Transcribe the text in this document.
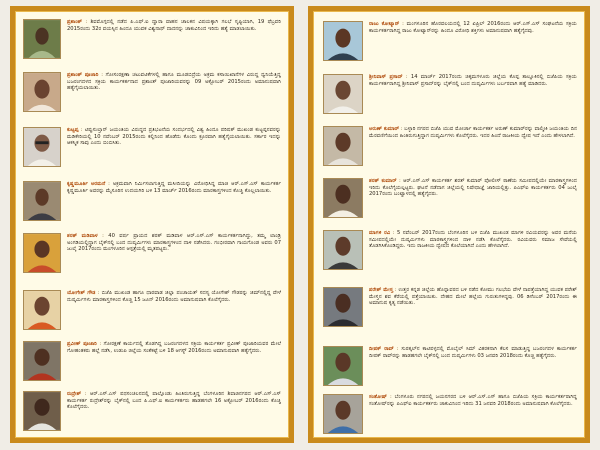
ಪ್ರಶಾಂತ್ : ಶಿವಮೊಗ್ಗದಲ್ಲಿ ನಡೆದ ಪಿ.ಎಫ್.ಐ ದ್ವಾರಾ ವಾಹನ ಚಾಲಕನ ವಿಷಯಕ್ಕಾಗಿ ಗಲಭೆ ಸೃಷ್ಟಿಯಾಗಿ, 19 ಫೆಬ್ರವರಿ 2015ರಂದು 32ರ ವಯಸ್ಸಿನ ಹಿಂದೂ ಯುವಕ ವಿಶ್ವನಾಥ್ ದಾದನನ್ನು ಚಾಕುವಿನಿಂದ ಇರಿದು ಹತ್ಯೆ ಮಾಡಲಾಯಿತು.

ಪ್ರಶಾಂತ್ ಪೂಜಾರಿ : ಗೋಸಂರಕ್ಷಣಾ ಚಟುವಟಿಕೆಗಳಲ್ಲಿ ಹಾಗೂ ಮೂಡಬಿದ್ರೆಯ ಅಕ್ರಮ ಕಸಾಯಿಖಾನೆಗಳ ವಿರುದ್ಧ ಧ್ವನಿಯೆತ್ತಿದ್ದ ಬಜರಂಗದಳದ ಸಕ್ರಿಯ ಕಾರ್ಯಕರ್ತನಾದ ಪ್ರಶಾಂತ್ ಪೂಜಾರಿಯವರನ್ನು 09 ಅಕ್ಟೋಬರ್ 2015ರಂದು ಅಮಾನುಷವಾಗಿ ಹತ್ಯೆಗೈಯಲಾಯಿತು.

ಕುಟ್ಟಪ್ಪ : ಟಿಪ್ಪುಸುಲ್ತಾನ್ ಜಯಂತಿಯ ವಿರುದ್ಧದ ಪ್ರತಿಭಟನೆಯ ಸಂದರ್ಭದಲ್ಲಿ ವಿಶ್ವ ಹಿಂದೂ ಪರಿಷತ್ ಮುಖಂಡ ಕುಟ್ಟಪ್ಪನವರನ್ನು ಮಡಿಕೇರಿಯಲ್ಲಿ 10 ನವೆಂಬರ್ 2015ರಂದು ಕಲ್ಲಿನಿಂದ ಹೊಡೆದು ಕೊಂದು ಕ್ರೂರವಾಗಿ ಹತ್ಯೆಗೈಯಲಾಯಿತು. ಸರ್ಕಾರ ಇದನ್ನು ಆಕಸ್ಮಿಕ ಸಾವು ಎಂದು ಬಿಂಬಿಸಿತು.

ಕೃಷ್ಣಮೂರ್ತಿ ಅರಮನೆ : ಅಕ್ರಮವಾಗಿ ನಿರ್ಮಿಸಲಾಗುತ್ತಿದ್ದ ಮಸೀದಿಯನ್ನು ವಿರೋಧಿಸಿದ್ದ ಮಾಜಿ ಆರ್.ಎಸ್.ಎಸ್ ಕಾರ್ಯಕರ್ತ ಕೃಷ್ಣಮೂರ್ತಿ ಅವರನ್ನು ಮೈಸೂರಿನ ಉದಯಗಿರಿ ಬಳಿ 13 ಮಾರ್ಚ್ 2016ರಂದು ಮಾರಕಾಸ್ತ್ರಗಳಿಂದ ಕೊಚ್ಚಿ ಕೊಲ್ಲಲಾಯಿತು.

ಶರತ್ ಮಡಿವಾಳ : 40 ವರ್ಷ ಪ್ರಾಯದ ಶರತ್ ಮಡಿವಾಳ ಆರ್.ಎಸ್.ಎಸ್ ಕಾರ್ಯಕರ್ತನಾಗಿದ್ದು, ತಮ್ಮ ಲಾಂಡ್ರಿ ಅಂಗಡಿಯಲ್ಲಿದ್ದಾಗ ಬೈಕ್‌ನಲ್ಲಿ ಬಂದ ದುಷ್ಕರ್ಮಿಗಳು ಮಾರಕಾಸ್ತ್ರಗಳಿಂದ ದಾಳಿ ನಡೆಸಿದರು. ಗಂಭೀರವಾಗಿ ಗಾಯಗೊಂಡ ಅವರು 07 ಜುಲೈ 2017ರಂದು ಮಂಗಳೂರಿನ ಆಸ್ಪತ್ರೆಯಲ್ಲಿ ಮೃತಪಟ್ಟರು.

ಯೋಗೇಶ್ ಗೌಡ : ಬಿಜೆಪಿ ಮುಖಂಡ ಹಾಗೂ ಧಾರವಾಡ ಜಿಲ್ಲಾ ಪಂಚಾಯತ್ ಸದಸ್ಯ ಯೋಗೇಶ್ ಗೌಡರನ್ನು ಜಿಮ್‌ನಲ್ಲಿದ್ದ ವೇಳೆ ದುಷ್ಕರ್ಮಿಗಳು ಮಾರಕಾಸ್ತ್ರಗಳಿಂದ ಕೊಚ್ಚಿ 15 ಜೂನ್ 2016ರಂದು ಅಮಾನುಷವಾಗಿ ಕೊಲೆಗೈದರು.

ಪ್ರವೀಣ್ ಪೂಜಾರಿ : ಗೋರಕ್ಷಣೆ ಕಾರ್ಯದಲ್ಲಿ ತೊಡಗಿದ್ದ ಬಜರಂಗದಳದ ಸಕ್ರಿಯ ಕಾರ್ಯಕರ್ತ ಪ್ರವೀಣ್ ಪೂಜಾರಿಯವರ ಮೇಲೆ ಗೋಹಂತಕರು ಹಲ್ಲೆ ನಡೆಸಿ, ಉಡುಪಿ ಜಿಲ್ಲೆಯ ಸಂತೆಕಟ್ಟೆ ಬಳಿ 18 ಆಗಸ್ಟ್ 2016ರಂದು ಅಮಾನುಷವಾಗಿ ಹತ್ಯೆಗೈದರು.

ರುದ್ರೇಶ್ : ಆರ್.ಎಸ್.ಎಸ್ ಪಥಸಂಚಲನದಲ್ಲಿ ಪಾಲ್ಗೊಂಡು ಹಿಂತಿರುಗುತ್ತಿದ್ದ ಬೆಂಗಳೂರಿನ ಶಿವಾಜಿನಗರದ ಆರ್.ಎಸ್.ಎಸ್ ಕಾರ್ಯಕರ್ತ ರುದ್ರೇಶ್‌ರನ್ನು ಬೈಕ್‌ನಲ್ಲಿ ಬಂದ ಪಿ.ಎಫ್.ಐ ಕಾರ್ಯಕರ್ತರು ಹಾಡಹಗಲೇ 16 ಅಕ್ಟೋಬರ್ 2016ರಂದು ಕೊಚ್ಚಿ ಕೊಲೆಗೈದರು.

ರಾಜು ಕೋಟ್ಯಾನ್ : ಮಂಗಳೂರಿನ ಹೊರವಲಯದಲ್ಲಿ 12 ಏಪ್ರಿಲ್ 2016ರಂದು ಆರ್.ಎಸ್.ಎಸ್ ಸಂಘಟನೆಯ ಸಕ್ರಿಯ ಕಾರ್ಯಕರ್ತರಾಗಿದ್ದ ರಾಜು ಕೋಟ್ಯಾನ್‌ರನ್ನು ಹಿಂದೂ ವಿರೋಧಿ ಶಕ್ತಿಗಳು ಅಮಾನುಷವಾಗಿ ಹತ್ಯೆಗೈದವು.

ಶ್ರೀನಿವಾಸ್ ಪ್ರಸಾದ್ : 14 ಮಾರ್ಚ್ 2017ರಂದು ಚಿಕ್ಕಮಗಳೂರು ಜಿಲ್ಲೆಯ ಕೊಪ್ಪ ತಾಲ್ಲೂಕಿನಲ್ಲಿ ಬಿಜೆಪಿಯ ಸಕ್ರಿಯ ಕಾರ್ಯಕರ್ತರಾಗಿದ್ದ ಶ್ರೀನಿವಾಸ್ ಪ್ರಸಾದ್‌ರನ್ನು ಬೈಕ್‌ನಲ್ಲಿ ಬಂದ ದುಷ್ಕರ್ಮಿಗಳು ಬರ್ಬರವಾಗಿ ಹತ್ಯೆ ಮಾಡಿದರು.

ಅರುಣ್ ಕುಮಾರ್ : ಬಳ್ಳಾರಿ ನಗರದ ಬಿಜೆಪಿ ಯುವ ಮೋರ್ಚಾ ಕಾರ್ಯಕರ್ತ ಅರುಣ್ ಕುಮಾರ್‌ರನ್ನು ವಾಲ್ಮೀಕಿ ಜಯಂತಿಯ ದಿನ ಮೆರವಣಿಗೆಯಿಂದ ಹಿಂತಿರುಗುತ್ತಿದ್ದಾಗ ದುಷ್ಕರ್ಮಿಗಳು ಕೊಲೆಗೈದರು. ಇದರ ಹಿಂದೆ ರಾಜಕೀಯ ದ್ವೇಷ ಇದೆ ಎಂದು ಹೇಳಲಾಗಿದೆ.

ಶರತ್ ಕುಮಾರ್ : ಆರ್.ಎಸ್.ಎಸ್ ಕಾರ್ಯಕರ್ತ ಶರತ್ ಕುಮಾರ್ ಪೋಲೀಸ್ ಠಾಣೆಯ ಸಮೀಪದಲ್ಲಿಯೇ ಮಾರಕಾಸ್ತ್ರಗಳಿಂದ ಇರಿದು ಕೊಲೆಗೈಯಲ್ಪಟ್ಟರು. ಘಟನೆ ನಡೆದಾಗ ಜಿಲ್ಲೆಯಲ್ಲಿ ನಿಷೇಧಾಜ್ಞೆ ಜಾರಿಯಲ್ಲಿತ್ತು. ಪಿಎಫ್‌ಐ ಕಾರ್ಯಕರ್ತರು 04 ಜುಲೈ 2017ರಂದು ಬಂಟ್ವಾಳದಲ್ಲಿ ಹತ್ಯೆಗೈದರು.

ಮಾಗಳಿ ರವಿ : 5 ನವೆಂಬರ್ 2017ರಂದು ಬೆಂಗಳೂರಿನ ಬಳಿ ಬಿಜೆಪಿ ಮುಖಂಡ ಮಾಗಳಿ ರವಿಯವರನ್ನು ಅವರ ಮನೆಯ ಸಮೀಪದಲ್ಲಿಯೇ ದುಷ್ಕರ್ಮಿಗಳು ಮಾರಕಾಸ್ತ್ರಗಳಿಂದ ದಾಳಿ ನಡೆಸಿ ಕೊಲೆಗೈದರು. ರವಿಯವರು ಸಮಾಜ ಸೇವೆಯಲ್ಲಿ ತೊಡಗಿಸಿಕೊಂಡಿದ್ದರು. ಇದು ರಾಜಕೀಯ ದ್ವೇಷದ ಕೊಲೆಯಾಗಿದೆ ಎಂದು ಹೇಳಲಾಗಿದೆ.

ಪರೇಶ್ ಮೇಸ್ತ : ಉತ್ತರ ಕನ್ನಡ ಜಿಲ್ಲೆಯ ಹೊನ್ನಾವರದ ಬಳಿ ನಡೆದ ಕೋಮು ಗಲಭೆಯ ವೇಳೆ ನಾಪತ್ತೆಯಾಗಿದ್ದ ಯುವಕ ಪರೇಶ್ ಮೇಸ್ತನ ಶವ ಕೆರೆಯಲ್ಲಿ ಪತ್ತೆಯಾಯಿತು. ದೇಹದ ಮೇಲೆ ಹಲ್ಲೆಯ ಗುರುತುಗಳಿದ್ದವು. 06 ಡಿಸೆಂಬರ್ 2017ರಂದು ಈ ಅಮಾನುಷ ಕೃತ್ಯ ನಡೆಯಿತು.

ದೀಪಕ್ ರಾವ್ : ಸುರತ್ಕಲ್‌ನ ಕಾಟಿಪಳ್ಳದಲ್ಲಿ ಮೊಬೈಲ್ ಸಿಮ್ ವಿತರಕನಾಗಿ ಕೆಲಸ ಮಾಡುತ್ತಿದ್ದ ಬಜರಂಗದಳ ಕಾರ್ಯಕರ್ತ ದೀಪಕ್ ರಾವ್‌ರನ್ನು ಹಾಡಹಗಲೇ ಬೈಕ್‌ನಲ್ಲಿ ಬಂದ ದುಷ್ಕರ್ಮಿಗಳು 03 ಜನವರಿ 2018ರಂದು ಕೊಚ್ಚಿ ಹತ್ಯೆಗೈದರು.

ಸಂತೋಷ್ : ಬೆಂಗಳೂರು ನಗರದಲ್ಲಿ ಜಯನಗರದ ಬಳಿ ಆರ್.ಎಸ್.ಎಸ್ ಹಾಗೂ ಬಿಜೆಪಿಯ ಸಕ್ರಿಯ ಕಾರ್ಯಕರ್ತರಾಗಿದ್ದ ಸಂತೋಷ್‌ರನ್ನು ಪಿಎಫ್‌ಐ ಕಾರ್ಯಕರ್ತರು ಚಾಕುವಿನಿಂದ ಇರಿದು 31 ಜನವರಿ 2018ರಂದು ಅಮಾನುಷವಾಗಿ ಕೊಲೆಗೈದರು.
